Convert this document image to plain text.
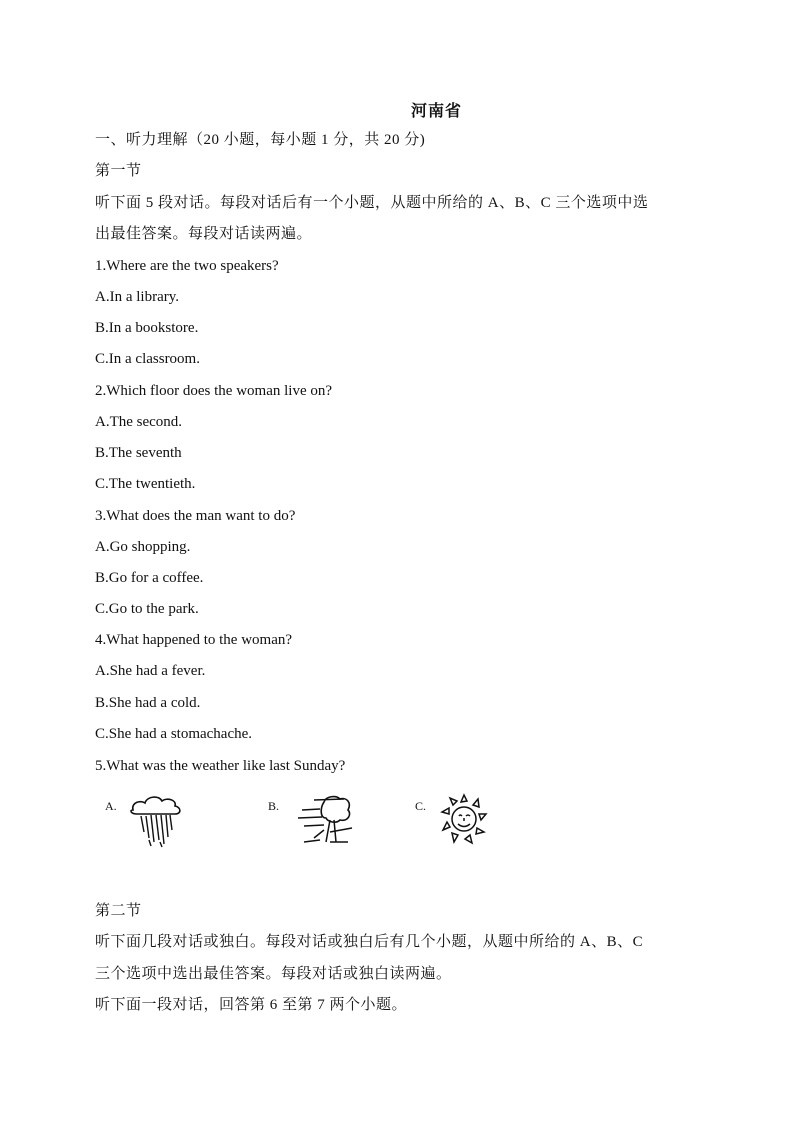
河南省
一、听力理解（20 小题，每小题 1 分，共 20 分)
第一节
听下面 5 段对话。每段对话后有一个小题，从题中所给的 A、B、C 三个选项中选
出最佳答案。每段对话读两遍。
1.Where are the two speakers?
A.In a library.
B.In a bookstore.
C.In a classroom.
2.Which floor does the woman live on?
A.The second.
B.The seventh
C.The twentieth.
3.What does the man want to do?
A.Go shopping.
B.Go for a coffee.
C.Go to the park.
4.What happened to the woman?
A.She had a fever.
B.She had a cold.
C.She had a stomachache.
5.What was the weather like last Sunday?
A.	B.	C.
第二节
听下面几段对话或独白。每段对话或独白后有几个小题，从题中所给的 A、B、C
三个选项中选出最佳答案。每段对话或独白读两遍。
听下面一段对话，回答第 6 至第 7 两个小题。
